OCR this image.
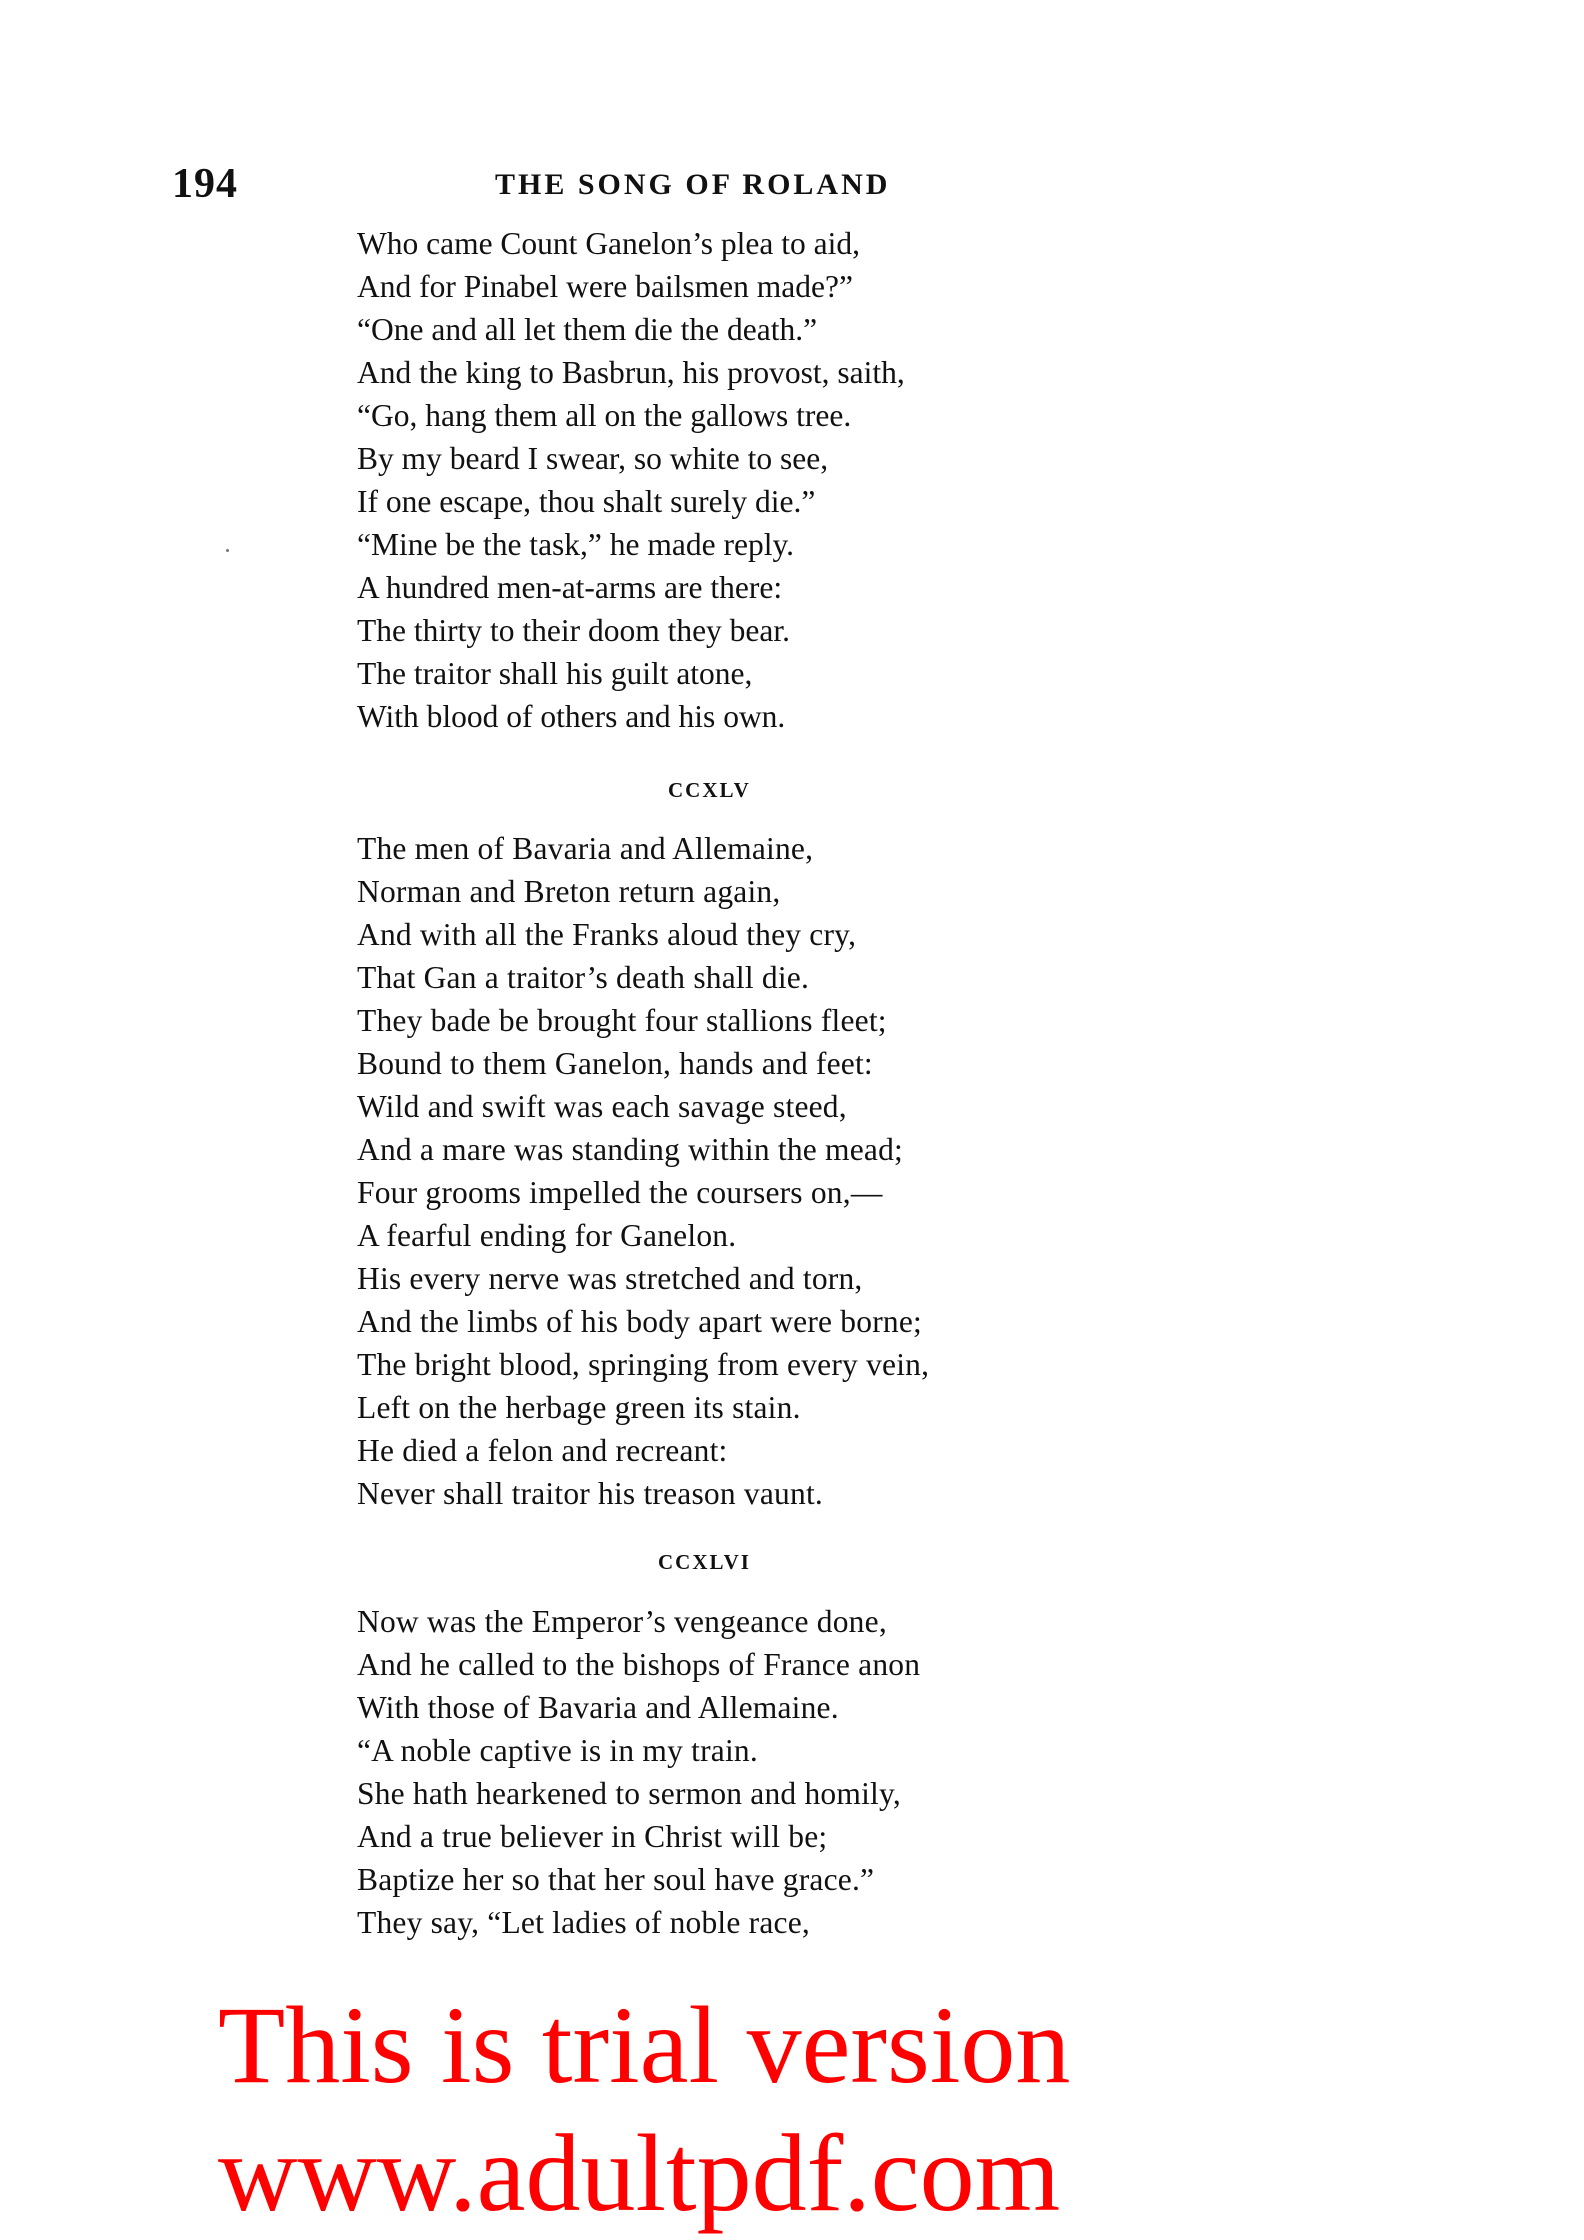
194	THE SONG OF ROLAND
Who came Count Ganelon’s plea to aid,
And for Pinabel were bailsmen made?”
“One and all let them die the death.”
And the king to Basbrun, his provost, saith,
“Go, hang them all on the gallows tree.
By my beard I swear, so white to see,
If one escape, thou shalt surely die.”
“Mine be the task,” he made reply.
A hundred men-at-arms are there:
The thirty to their doom they bear.
The traitor shall his guilt atone,
With blood of others and his own.
CCXLV
The men of Bavaria and Allemaine,
Norman and Breton return again,
And with all the Franks aloud they cry,
That Gan a traitor’s death shall die.
They bade be brought four stallions fleet;
Bound to them Ganelon, hands and feet:
Wild and swift was each savage steed,
And a mare was standing within the mead;
Four grooms impelled the coursers on,—
A fearful ending for Ganelon.
His every nerve was stretched and torn,
And the limbs of his body apart were borne;
The bright blood, springing from every vein,
Left on the herbage green its stain.
He died a felon and recreant:
Never shall traitor his treason vaunt.
CCXLVI
Now was the Emperor’s vengeance done,
And he called to the bishops of France anon
With those of Bavaria and Allemaine.
“A noble captive is in my train.
She hath hearkened to sermon and homily,
And a true believer in Christ will be;
Baptize her so that her soul have grace.”
They say, “Let ladies of noble race,
This is trial version
www.adultpdf.com
